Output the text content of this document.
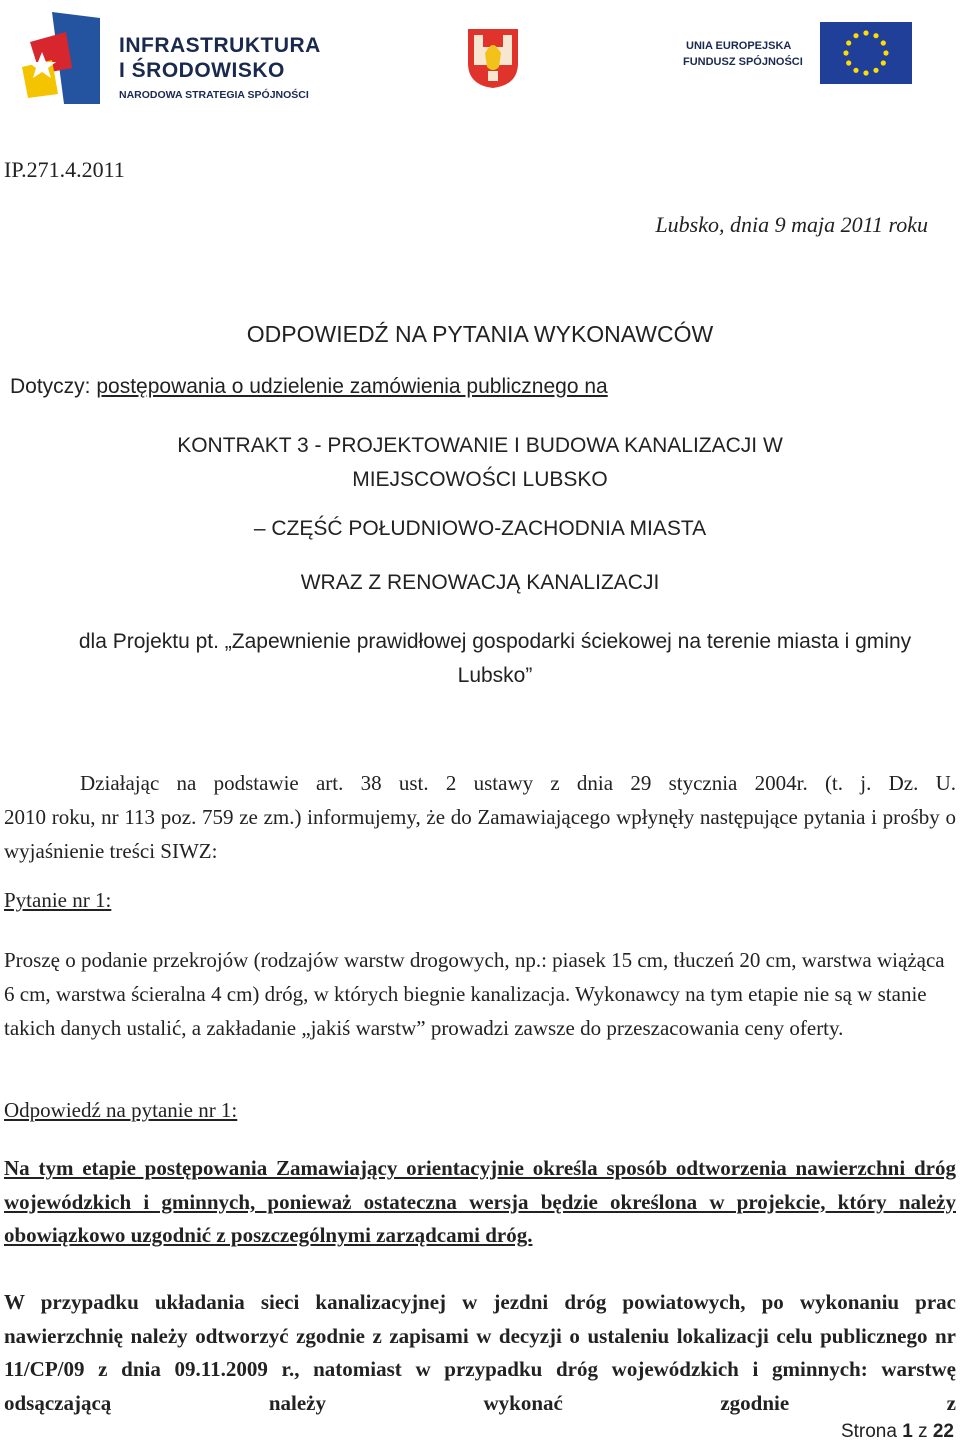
INFRASTRUKTURA
I ŚRODOWISKO
NARODOWA STRATEGIA SPÓJNOŚCI
UNIA EUROPEJSKA
FUNDUSZ SPÓJNOŚCI
IP.271.4.2011
Lubsko, dnia 9 maja 2011 roku
ODPOWIEDŹ NA PYTANIA WYKONAWCÓW
Dotyczy: postępowania o udzielenie zamówienia publicznego na
KONTRAKT 3 - PROJEKTOWANIE I BUDOWA KANALIZACJI W
MIEJSCOWOŚCI LUBSKO
– CZĘŚĆ POŁUDNIOWO-ZACHODNIA MIASTA
WRAZ Z RENOWACJĄ KANALIZACJI
dla Projektu pt. „Zapewnienie prawidłowej gospodarki ściekowej na terenie miasta i gminy Lubsko”
Działając na podstawie art. 38 ust. 2 ustawy z dnia 29 stycznia 2004r. (t. j. Dz. U.
2010 roku, nr 113 poz. 759 ze zm.) informujemy, że do Zamawiającego wpłynęły następujące pytania i prośby o wyjaśnienie treści SIWZ:
Pytanie nr 1:
Proszę o podanie przekrojów (rodzajów warstw drogowych, np.: piasek 15 cm, tłuczeń 20 cm, warstwa wiążąca 6 cm, warstwa ścieralna 4 cm) dróg, w których biegnie kanalizacja. Wykonawcy na tym etapie nie są w stanie takich danych ustalić, a zakładanie „jakiś warstw” prowadzi zawsze do przeszacowania ceny oferty.
Odpowiedź na pytanie nr 1:
Na tym etapie postępowania Zamawiający orientacyjnie określa sposób odtworzenia nawierzchni dróg wojewódzkich i gminnych, ponieważ ostateczna wersja będzie określona w projekcie, który należy obowiązkowo uzgodnić z poszczególnymi zarządcami dróg.
W przypadku układania sieci kanalizacyjnej w jezdni dróg powiatowych, po wykonaniu prac nawierzchnię należy odtworzyć zgodnie z zapisami w decyzji o ustaleniu lokalizacji celu publicznego nr 11/CP/09 z dnia 09.11.2009 r., natomiast w przypadku dróg wojewódzkich i gminnych: warstwę odsączającą należy wykonać zgodnie z
Strona 1 z 22
